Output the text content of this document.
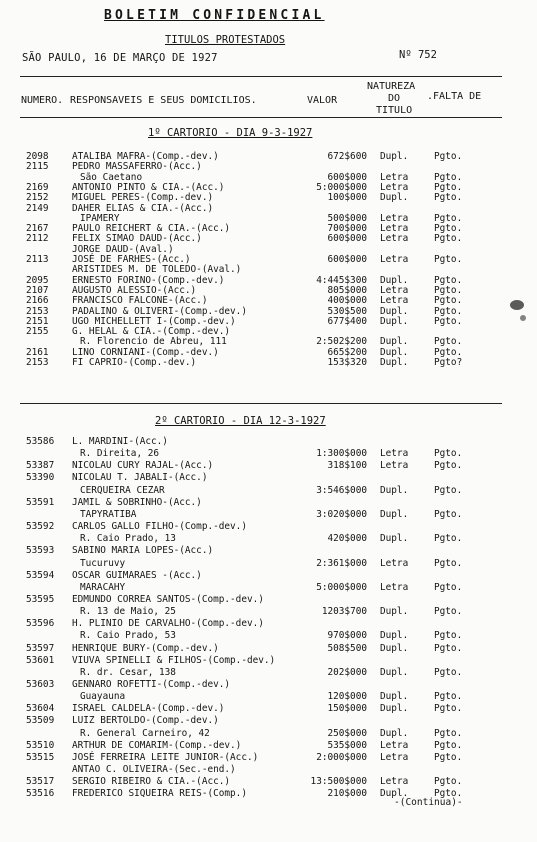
BOLETIM CONFIDENCIAL
TITULOS PROTESTADOS
SÃO PAULO, 16 DE MARÇO DE 1927	Nº 752
NUMERO. RESPONSAVEIS E SEUS DOMICILIOS.	VALOR
NATUREZA
DO
TITULO
.FALTA DE
1º CARTORIO - DIA 9-3-1927
2098 ATALIBA MAFRA-(Comp.-dev.)	672$600 Dupl.	Pgto.
2115 PEDRO MASSAFERRO-(Acc.)
São Caetano	600$000 Letra	Pgto.
2169 ANTONIO PINTO & CIA.-(Acc.)	5:000$000 Letra	Pgto.
2152 MIGUEL PERES-(Comp.-dev.)	100$000 Dupl.	Pgto.
2149 DAHER ELIAS & CIA.-(Acc.)
IPAMERY	500$000 Letra	Pgto.
2167 PAULO REICHERT & CIA.-(Acc.)	700$000 Letra	Pgto.
2112 FELIX SIMAO DAUD-(Acc.)	600$000 Letra	Pgto.
JORGE DAUD-(Aval.)
2113 JOSÉ DE FARHES-(Acc.)	600$000 Letra	Pgto.
ARISTIDES M. DE TOLEDO-(Aval.)
2095 ERNESTO FORINO-(Comp.-dev.)	4:445$300 Dupl.	Pgto.
2107 AUGUSTO ALESSIO-(Acc.)	805$000 Letra	Pgto.
2166 FRANCISCO FALCONE-(Acc.)	400$000 Letra	Pgto.
2153 PADALINO & OLIVERI-(Comp.-dev.)	530$500 Dupl.	Pgto.
2151 UGO MICHELLETT I-(Comp.-dev.)	677$400 Dupl.	Pgto.
2155 G. HELAL & CIA.-(Comp.-dev.)
R. Florencio de Abreu, 111	2:502$200 Dupl.	Pgto.
2161 LINO CORNIANI-(Comp.-dev.)	665$200 Dupl.	Pgto.
2153 FI CAPRIO-(Comp.-dev.)	153$320 Dupl.	Pgto?
2º CARTORIO - DIA 12-3-1927
53586 L. MARDINI-(Acc.)
R. Direita, 26	1:300$000 Letra	Pgto.
53387 NICOLAU CURY RAJAL-(Acc.)	318$100 Letra	Pgto.
53390 NICOLAU T. JABALI-(Acc.)
CERQUEIRA CEZAR	3:546$000 Dupl.	Pgto.
53591 JAMIL & SOBRINHO-(Acc.)
TAPYRATIBA	3:020$000 Dupl.	Pgto.
53592 CARLOS GALLO FILHO-(Comp.-dev.)
R. Caio Prado, 13	420$000 Dupl.	Pgto.
53593 SABINO MARIA LOPES-(Acc.)
Tucuruvy	2:361$000 Letra	Pgto.
53594 OSCAR GUIMARAES -(Acc.)
MARACAHY	5:000$000 Letra	Pgto.
53595 EDMUNDO CORREA SANTOS-(Comp.-dev.)
R. 13 de Maio, 25	1203$700 Dupl.	Pgto.
53596 H. PLINIO DE CARVALHO-(Comp.-dev.)
R. Caio Prado, 53	970$000 Dupl.	Pgto.
53597 HENRIQUE BURY-(Comp.-dev.)	508$500 Dupl.	Pgto.
53601 VIUVA SPINELLI & FILHOS-(Comp.-dev.)
R. dr. Cesar, 138	202$000 Dupl.	Pgto.
53603 GENNARO ROFETTI-(Comp.-dev.)
Guayauna	120$000 Dupl.	Pgto.
53604 ISRAEL CALDELA-(Comp.-dev.)	150$000 Dupl.	Pgto.
53509 LUIZ BERTOLDO-(Comp.-dev.)
R. General Carneiro, 42	250$000 Dupl.	Pgto.
53510 ARTHUR DE COMARIM-(Comp.-dev.)	535$000 Letra	Pgto.
53515 JOSÉ FERREIRA LEITE JUNIOR-(Acc.)	2:000$000 Letra	Pgto.
ANTAO C. OLIVEIRA-(Sec.-end.)
53517 SERGIO RIBEIRO & CIA.-(Acc.)	13:500$000 Letra	Pgto.
53516 FREDERICO SIQUEIRA REIS-(Comp.)	210$000 Dupl.	Pgto.
-(Continua)-
